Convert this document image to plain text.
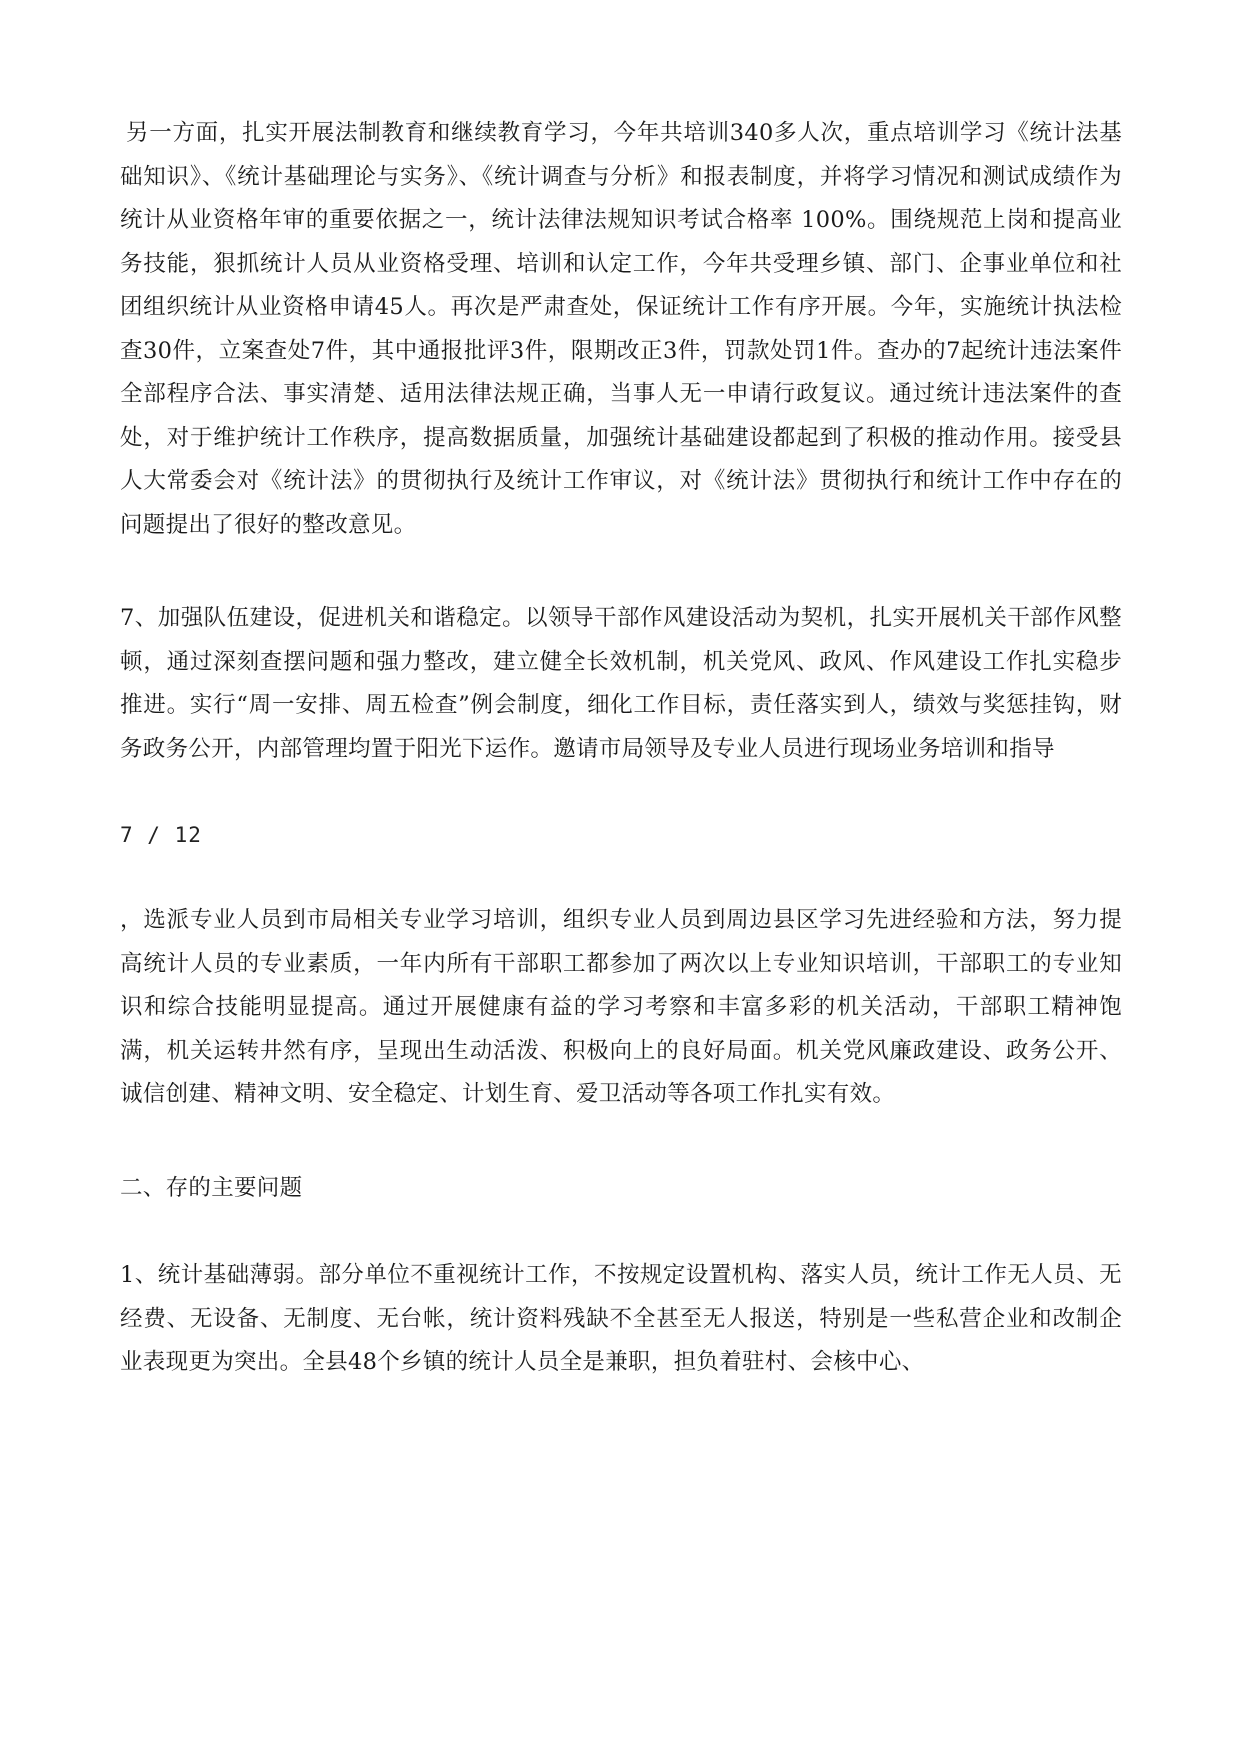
另一方面，扎实开展法制教育和继续教育学习，今年共培训340多人次，重点培训学习《统计法基础知识》、《统计基础理论与实务》、《统计调查与分析》和报表制度，并将学习情况和测试成绩作为统计从业资格年审的重要依据之一，统计法律法规知识考试合格率 100%。围绕规范上岗和提高业务技能，狠抓统计人员从业资格受理、培训和认定工作，今年共受理乡镇、部门、企事业单位和社团组织统计从业资格申请45人。再次是严肃查处，保证统计工作有序开展。今年，实施统计执法检查30件，立案查处7件，其中通报批评3件，限期改正3件，罚款处罚1件。查办的7起统计违法案件全部程序合法、事实清楚、适用法律法规正确，当事人无一申请行政复议。通过统计违法案件的查处，对于维护统计工作秩序，提高数据质量，加强统计基础建设都起到了积极的推动作用。接受县人大常委会对《统计法》的贯彻执行及统计工作审议，对《统计法》贯彻执行和统计工作中存在的问题提出了很好的整改意见。

7、加强队伍建设，促进机关和谐稳定。以领导干部作风建设活动为契机，扎实开展机关干部作风整顿，通过深刻查摆问题和强力整改，建立健全长效机制，机关党风、政风、作风建设工作扎实稳步推进。实行“周一安排、周五检查”例会制度，细化工作目标，责任落实到人，绩效与奖惩挂钩，财务政务公开，内部管理均置于阳光下运作。邀请市局领导及专业人员进行现场业务培训和指导

7 / 12

，选派专业人员到市局相关专业学习培训，组织专业人员到周边县区学习先进经验和方法，努力提高统计人员的专业素质，一年内所有干部职工都参加了两次以上专业知识培训，干部职工的专业知识和综合技能明显提高。通过开展健康有益的学习考察和丰富多彩的机关活动，干部职工精神饱满，机关运转井然有序，呈现出生动活泼、积极向上的良好局面。机关党风廉政建设、政务公开、诚信创建、精神文明、安全稳定、计划生育、爱卫活动等各项工作扎实有效。

二、存的主要问题

1、统计基础薄弱。部分单位不重视统计工作，不按规定设置机构、落实人员，统计工作无人员、无经费、无设备、无制度、无台帐，统计资料残缺不全甚至无人报送，特别是一些私营企业和改制企业表现更为突出。全县48个乡镇的统计人员全是兼职，担负着驻村、会核中心、
